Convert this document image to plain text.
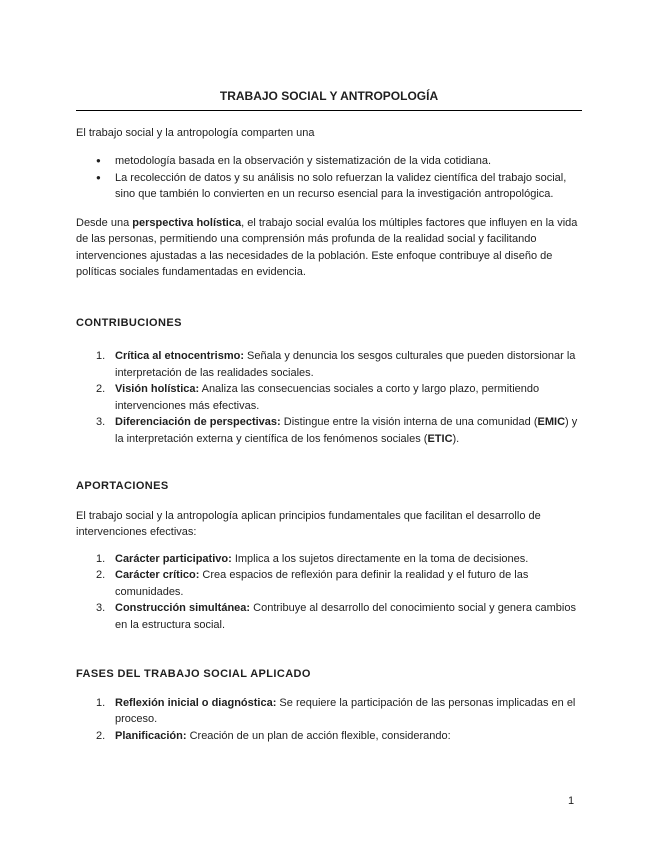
TRABAJO SOCIAL Y ANTROPOLOGÍA

El trabajo social y la antropología comparten una

● metodología basada en la observación y sistematización de la vida cotidiana.
● La recolección de datos y su análisis no solo refuerzan la validez científica del trabajo social, sino que también lo convierten en un recurso esencial para la investigación antropológica.

Desde una perspectiva holística, el trabajo social evalúa los múltiples factores que influyen en la vida de las personas, permitiendo una comprensión más profunda de la realidad social y facilitando intervenciones ajustadas a las necesidades de la población. Este enfoque contribuye al diseño de políticas sociales fundamentadas en evidencia.

CONTRIBUCIONES
1. Crítica al etnocentrismo: Señala y denuncia los sesgos culturales que pueden distorsionar la interpretación de las realidades sociales.
2. Visión holística: Analiza las consecuencias sociales a corto y largo plazo, permitiendo intervenciones más efectivas.
3. Diferenciación de perspectivas: Distingue entre la visión interna de una comunidad (EMIC) y la interpretación externa y científica de los fenómenos sociales (ETIC).
APORTACIONES

El trabajo social y la antropología aplican principios fundamentales que facilitan el desarrollo de intervenciones efectivas:

1. Carácter participativo: Implica a los sujetos directamente en la toma de decisiones.
2. Carácter crítico: Crea espacios de reflexión para definir la realidad y el futuro de las comunidades.
3. Construcción simultánea: Contribuye al desarrollo del conocimiento social y genera cambios en la estructura social.
FASES DEL TRABAJO SOCIAL APLICADO
1. Reflexión inicial o diagnóstica: Se requiere la participación de las personas implicadas en el proceso.
2. Planificación: Creación de un plan de acción flexible, considerando:
1
